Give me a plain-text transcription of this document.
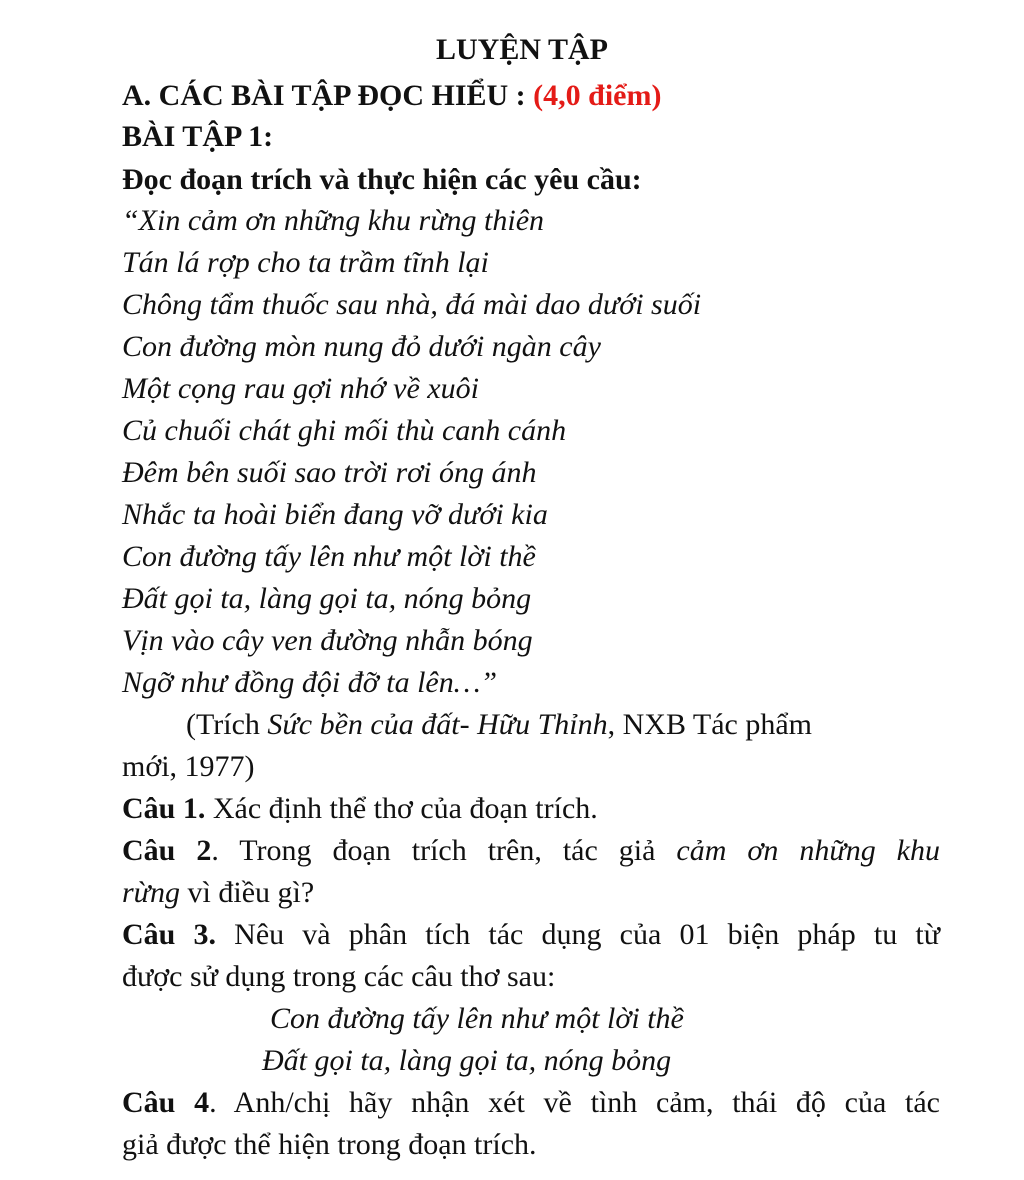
LUYỆN TẬP
A. CÁC BÀI TẬP ĐỌC HIỂU : (4,0 điểm)
BÀI TẬP 1:
Đọc đoạn trích và thực hiện các yêu cầu:
“Xin cảm ơn những khu rừng thiên
Tán lá rợp cho ta trầm tĩnh lại
Chông tẩm thuốc sau nhà, đá mài dao dưới suối
Con đường mòn nung đỏ dưới ngàn cây
Một cọng rau gợi nhớ về xuôi
Củ chuối chát ghi mối thù canh cánh
Đêm bên suối sao trời rơi óng ánh
Nhắc ta hoài biển đang vỡ dưới kia
Con đường tấy lên như một lời thề
Đất gọi ta, làng gọi ta, nóng bỏng
Vịn vào cây ven đường nhẫn bóng
Ngỡ như đồng đội đỡ ta lên…”
(Trích Sức bền của đất- Hữu Thỉnh, NXB Tác phẩm
mới, 1977)
Câu 1. Xác định thể thơ của đoạn trích.
Câu 2. Trong đoạn trích trên, tác giả cảm ơn những khu
rừng vì điều gì?
Câu 3. Nêu và phân tích tác dụng của 01 biện pháp tu từ
được sử dụng trong các câu thơ sau:
Con đường tấy lên như một lời thề
Đất gọi ta, làng gọi ta, nóng bỏng
Câu 4. Anh/chị hãy nhận xét về tình cảm, thái độ của tác
giả được thể hiện trong đoạn trích.
